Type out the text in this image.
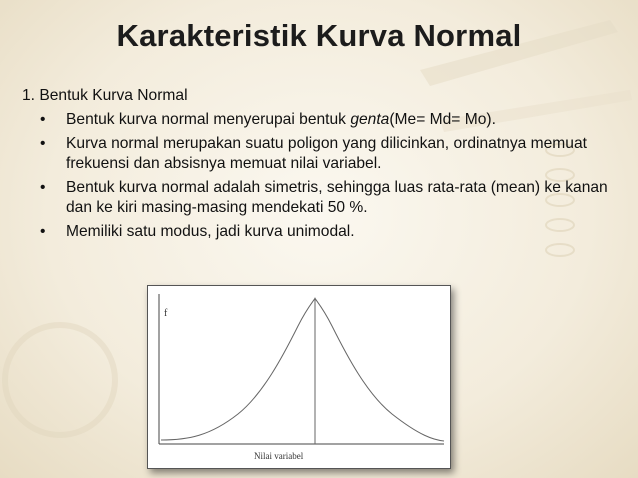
Karakteristik Kurva Normal
1. Bentuk Kurva Normal
• Bentuk kurva normal menyerupai bentuk genta(Me= Md= Mo).
• Kurva normal merupakan suatu poligon yang dilicinkan, ordinatnya memuat frekuensi dan absisnya memuat nilai variabel.
• Bentuk kurva normal adalah simetris, sehingga luas rata-rata (mean) ke kanan dan ke kiri masing-masing mendekati 50 %.
• Memiliki satu modus, jadi kurva unimodal.
f
Nilai variabel
